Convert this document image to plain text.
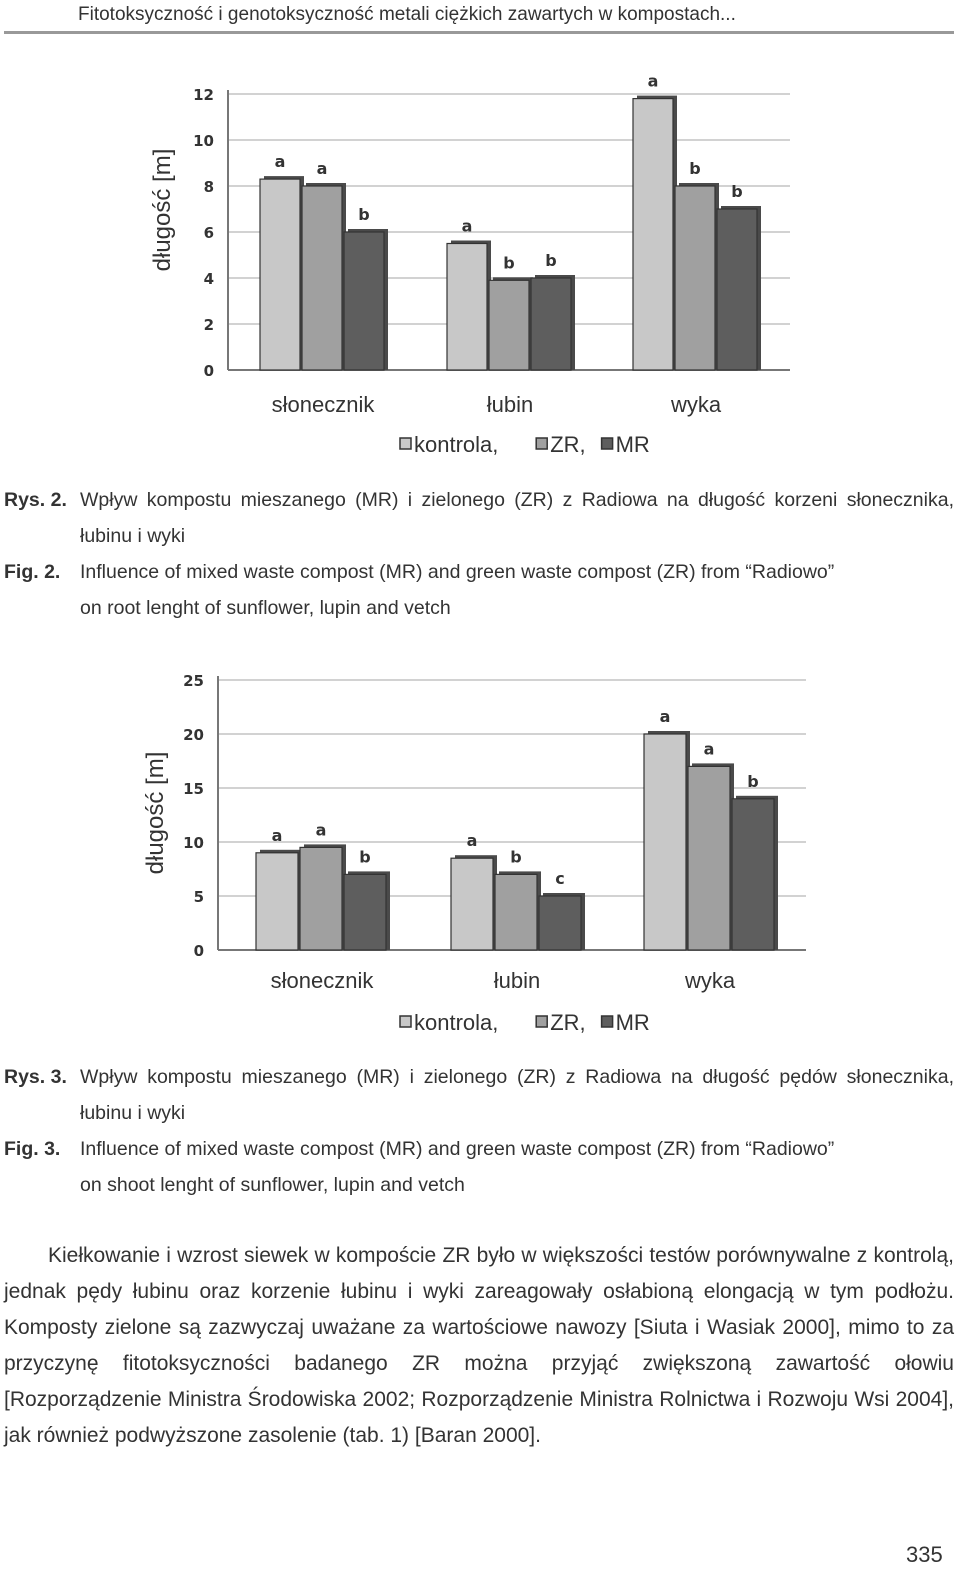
Fitotoksyczność i genotoksyczność metali ciężkich zawartych w kompostach...
0
2
4
6
8
10
12
długość [m]	a a
b
słonecznik
a
b b
łubin
a
b
b
wyka
kontrola, ZR, MR
Rys. 2. Wpływ kompostu mieszanego (MR) i zielonego (ZR) z Radiowa na długość korzeni słonecznika, łubinu i wyki
Fig. 2. Influence of mixed waste compost (MR) and green waste compost (ZR) from “Radiowo”
on root lenght of sunflower, lupin and vetch
0
5
10
15
20
25
długość [m]	a a
b
słonecznik
a
b
c
łubin
a
a
b
wyka
kontrola, ZR, MR
Rys. 3. Wpływ kompostu mieszanego (MR) i zielonego (ZR) z Radiowa na długość pędów słonecznika, łubinu i wyki
Fig. 3. Influence of mixed waste compost (MR) and green waste compost (ZR) from “Radiowo”
on shoot lenght of sunflower, lupin and vetch

Kiełkowanie i wzrost siewek w kompoście ZR było w większości testów porównywalne z kontrolą, jednak pędy łubinu oraz korzenie łubinu i wyki zareagowały osłabioną elongacją w tym podłożu. Komposty zielone są zazwyczaj uważane za wartościowe nawozy [Siuta i Wasiak 2000], mimo to za przyczynę fitotoksyczności badanego ZR można przyjąć zwiększoną zawartość ołowiu [Rozporządzenie Ministra Środowiska 2002; Rozporządzenie Ministra Rolnictwa i Rozwoju Wsi 2004], jak również podwyższone zasolenie (tab. 1) [Baran 2000].

335
